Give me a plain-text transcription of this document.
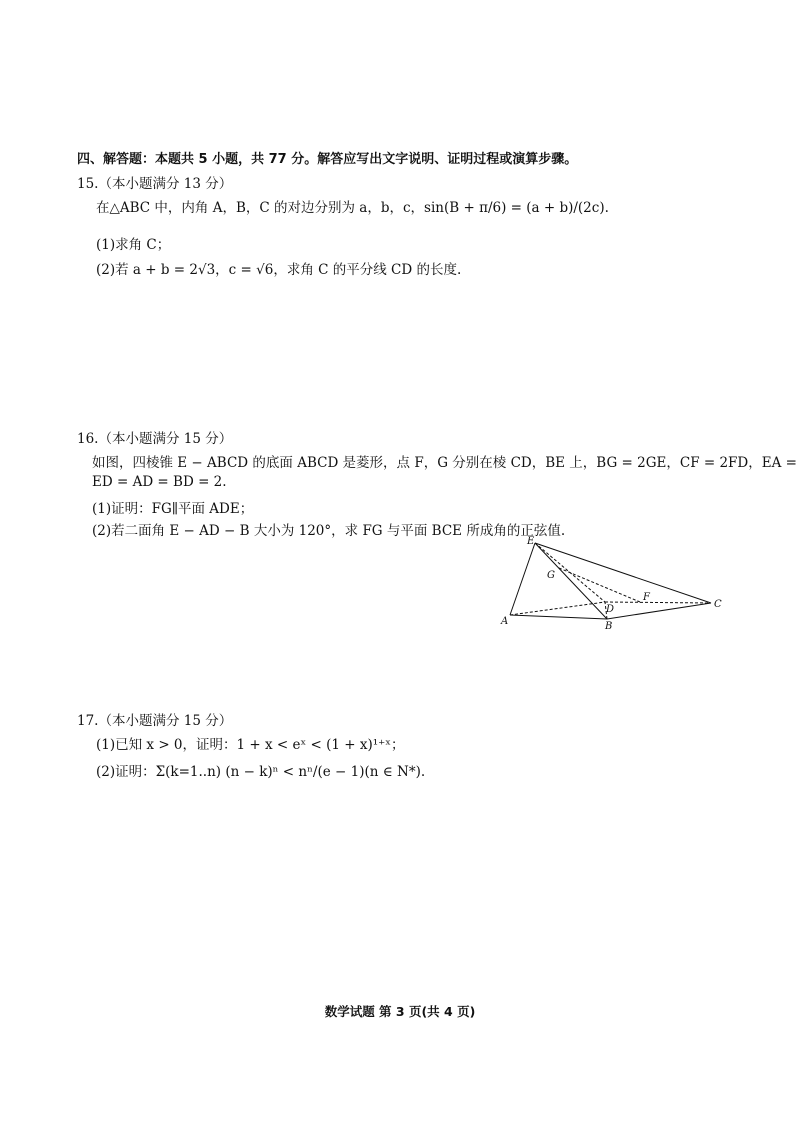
四、解答题：本题共 5 小题，共 77 分。解答应写出文字说明、证明过程或演算步骤。
15.（本小题满分 13 分）
在△ABC 中，内角 A，B，C 的对边分别为 a，b，c，sin(B + π/6) = (a + b)/(2c).
(1)求角 C；
(2)若 a + b = 2√3，c = √6，求角 C 的平分线 CD 的长度.
16.（本小题满分 15 分）
如图，四棱锥 E − ABCD 的底面 ABCD 是菱形，点 F，G 分别在棱 CD，BE 上，BG = 2GE，CF = 2FD，EA =
ED = AD = BD = 2.
(1)证明：FG∥平面 ADE；
(2)若二面角 E − AD − B 大小为 120°，求 FG 与平面 BCE 所成角的正弦值.
E
G
F
D
A	B
C
17.（本小题满分 15 分）
(1)已知 x > 0，证明：1 + x < eˣ < (1 + x)¹⁺ˣ；
(2)证明：Σ(k=1..n) (n − k)ⁿ < nⁿ/(e − 1)(n ∈ N*).
数学试题 第 3 页(共 4 页)
